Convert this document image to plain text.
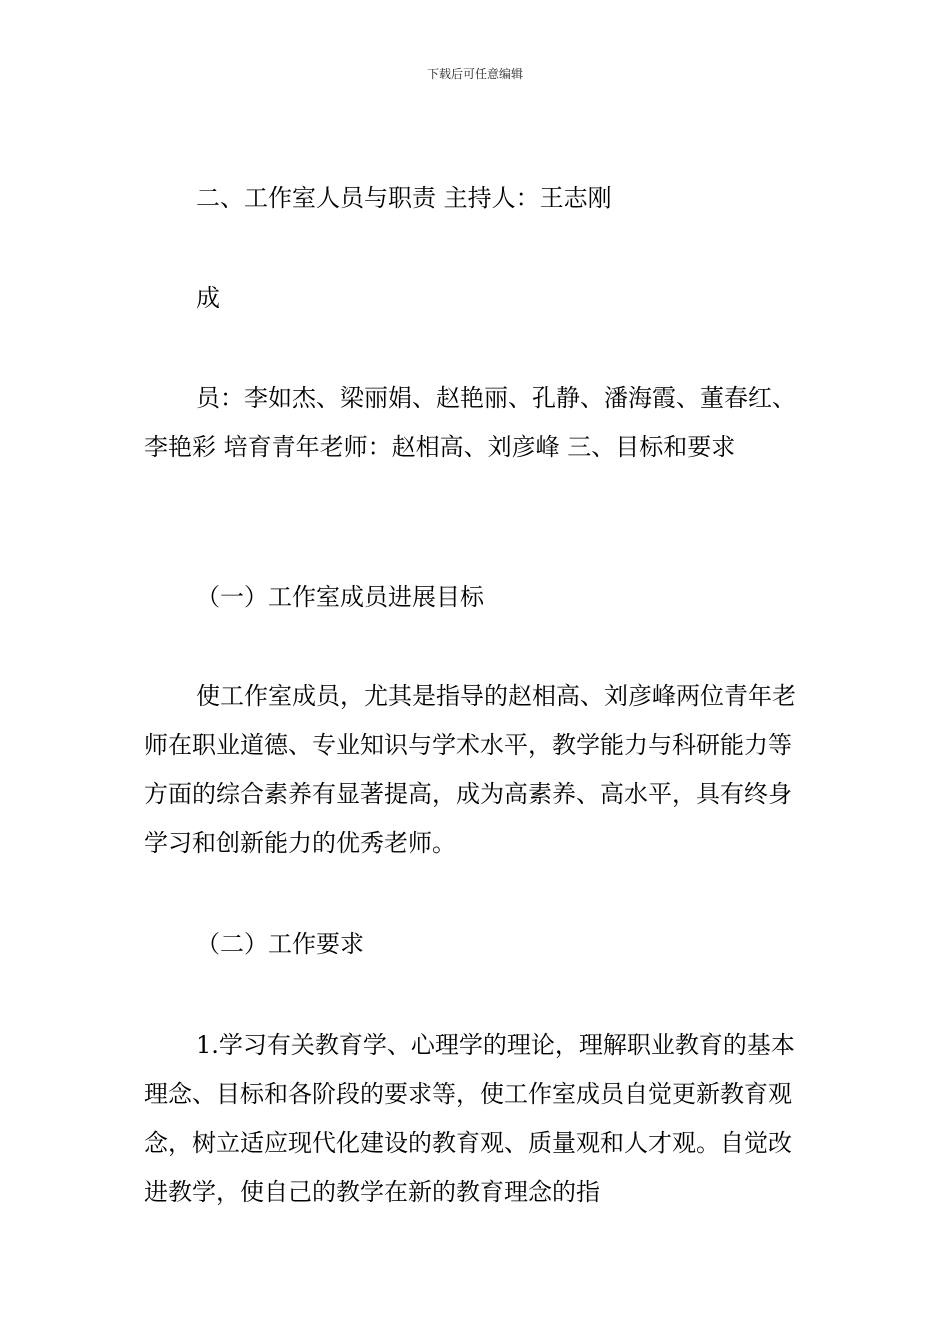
下载后可任意编辑

二、工作室人员与职责 主持人：王志刚

成

员：李如杰、梁丽娟、赵艳丽、孔静、潘海霞、董春红、李艳彩 培育青年老师：赵相高、刘彦峰 三、目标和要求

（一）工作室成员进展目标

使工作室成员，尤其是指导的赵相高、刘彦峰两位青年老师在职业道德、专业知识与学术水平，教学能力与科研能力等方面的综合素养有显著提高，成为高素养、高水平，具有终身学习和创新能力的优秀老师。

（二）工作要求

1.学习有关教育学、心理学的理论，理解职业教育的基本理念、目标和各阶段的要求等，使工作室成员自觉更新教育观念，树立适应现代化建设的教育观、质量观和人才观。自觉改进教学，使自己的教学在新的教育理念的指
